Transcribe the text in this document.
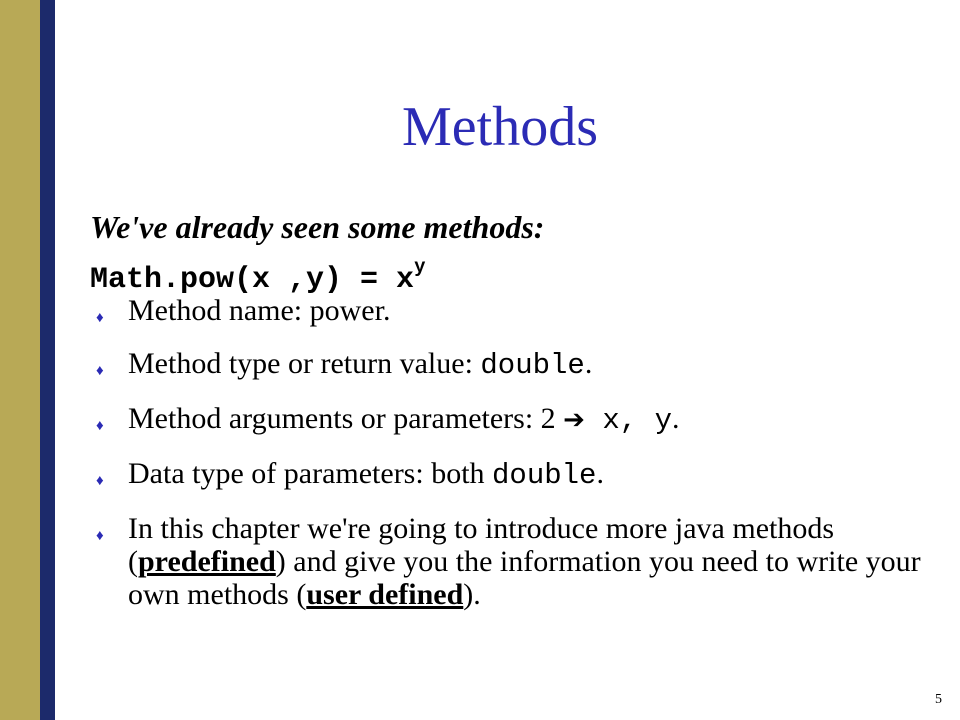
Methods
We've already seen some methods:
Math.pow(x $,y) = x^y$
♦ Method name: power.
♦ Method type or return value: double.
♦ Method arguments or parameters: 2 ➔ x, y.
♦ Data type of parameters: both double.
♦ In this chapter we're going to introduce more java methods (predefined) and give you the information you need to write your own methods (user defined).
5
